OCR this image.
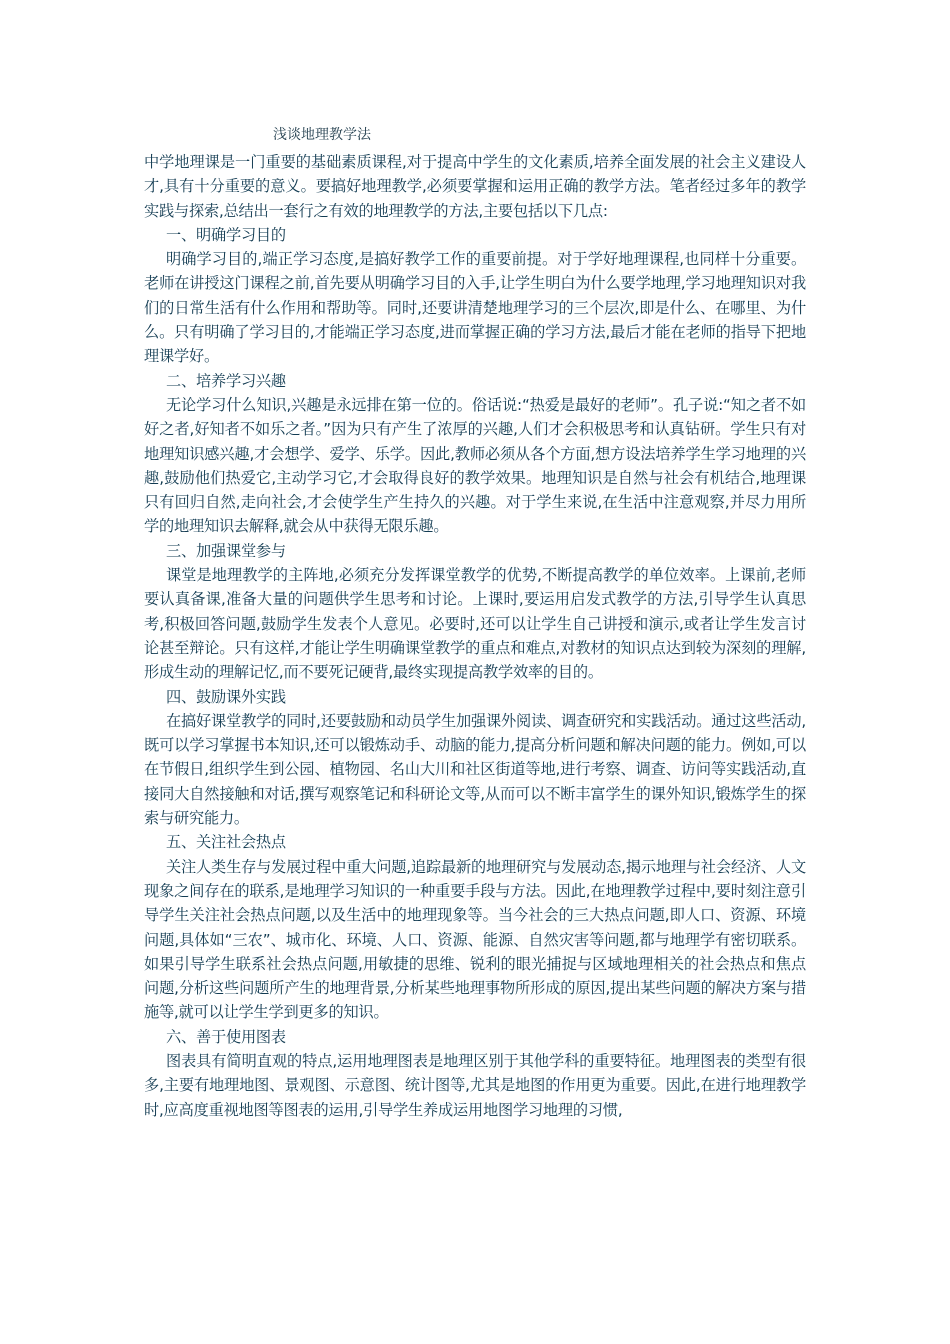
浅谈地理教学法

中学地理课是一门重要的基础素质课程,对于提高中学生的文化素质,培养全面发展的社会主义建设人才,具有十分重要的意义。要搞好地理教学,必须要掌握和运用正确的教学方法。笔者经过多年的教学实践与探索,总结出一套行之有效的地理教学的方法,主要包括以下几点:

一、明确学习目的

明确学习目的,端正学习态度,是搞好教学工作的重要前提。对于学好地理课程,也同样十分重要。老师在讲授这门课程之前,首先要从明确学习目的入手,让学生明白为什么要学地理,学习地理知识对我们的日常生活有什么作用和帮助等。同时,还要讲清楚地理学习的三个层次,即是什么、在哪里、为什么。只有明确了学习目的,才能端正学习态度,进而掌握正确的学习方法,最后才能在老师的指导下把地理课学好。

二、培养学习兴趣

无论学习什么知识,兴趣是永远排在第一位的。俗话说:“热爱是最好的老师”。孔子说:“知之者不如好之者,好知者不如乐之者。”因为只有产生了浓厚的兴趣,人们才会积极思考和认真钻研。学生只有对地理知识感兴趣,才会想学、爱学、乐学。因此,教师必须从各个方面,想方设法培养学生学习地理的兴趣,鼓励他们热爱它,主动学习它,才会取得良好的教学效果。地理知识是自然与社会有机结合,地理课只有回归自然,走向社会,才会使学生产生持久的兴趣。对于学生来说,在生活中注意观察,并尽力用所学的地理知识去解释,就会从中获得无限乐趣。

三、加强课堂参与

课堂是地理教学的主阵地,必须充分发挥课堂教学的优势,不断提高教学的单位效率。上课前,老师要认真备课,准备大量的问题供学生思考和讨论。上课时,要运用启发式教学的方法,引导学生认真思考,积极回答问题,鼓励学生发表个人意见。必要时,还可以让学生自己讲授和演示,或者让学生发言讨论甚至辩论。只有这样,才能让学生明确课堂教学的重点和难点,对教材的知识点达到较为深刻的理解,形成生动的理解记忆,而不要死记硬背,最终实现提高教学效率的目的。

四、鼓励课外实践

在搞好课堂教学的同时,还要鼓励和动员学生加强课外阅读、调查研究和实践活动。通过这些活动,既可以学习掌握书本知识,还可以锻炼动手、动脑的能力,提高分析问题和解决问题的能力。例如,可以在节假日,组织学生到公园、植物园、名山大川和社区街道等地,进行考察、调查、访问等实践活动,直接同大自然接触和对话,撰写观察笔记和科研论文等,从而可以不断丰富学生的课外知识,锻炼学生的探索与研究能力。

五、关注社会热点

关注人类生存与发展过程中重大问题,追踪最新的地理研究与发展动态,揭示地理与社会经济、人文现象之间存在的联系,是地理学习知识的一种重要手段与方法。因此,在地理教学过程中,要时刻注意引导学生关注社会热点问题,以及生活中的地理现象等。当今社会的三大热点问题,即人口、资源、环境问题,具体如“三农”、城市化、环境、人口、资源、能源、自然灾害等问题,都与地理学有密切联系。如果引导学生联系社会热点问题,用敏捷的思维、锐利的眼光捕捉与区域地理相关的社会热点和焦点问题,分析这些问题所产生的地理背景,分析某些地理事物所形成的原因,提出某些问题的解决方案与措施等,就可以让学生学到更多的知识。

六、善于使用图表

图表具有简明直观的特点,运用地理图表是地理区别于其他学科的重要特征。地理图表的类型有很多,主要有地理地图、景观图、示意图、统计图等,尤其是地图的作用更为重要。因此,在进行地理教学时,应高度重视地图等图表的运用,引导学生养成运用地图学习地理的习惯,
